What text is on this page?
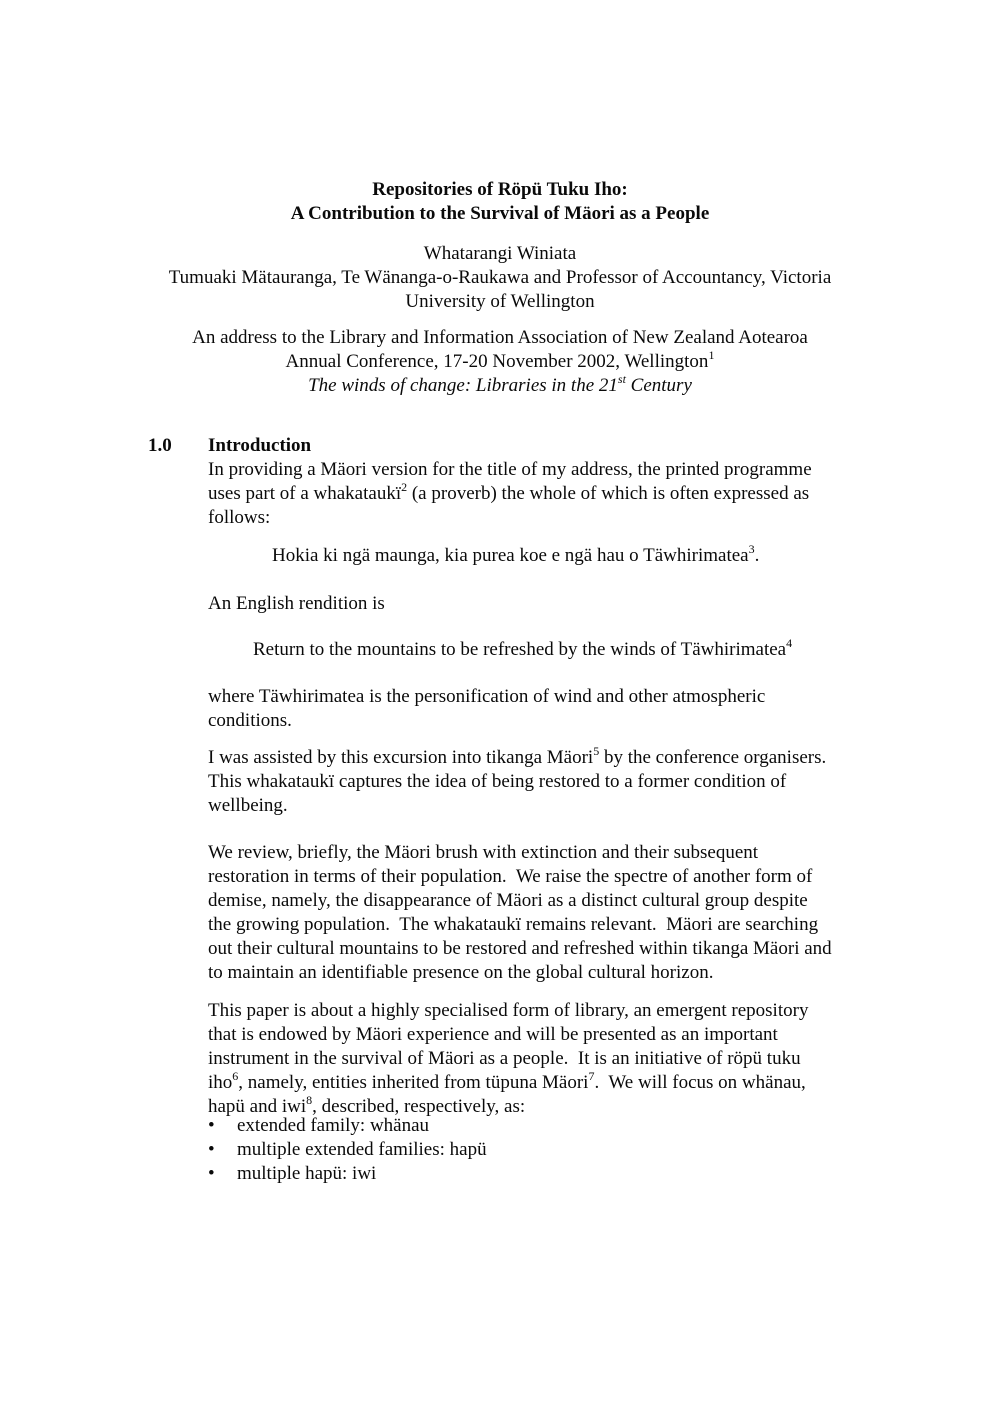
Repositories of Röpü Tuku Iho:
A Contribution to the Survival of Mäori as a People
Whatarangi Winiata
Tumuaki Mätauranga, Te Wänanga-o-Raukawa and Professor of Accountancy, Victoria
University of Wellington
An address to the Library and Information Association of New Zealand Aotearoa
Annual Conference, 17-20 November 2002, Wellington$^1$
The winds of change: Libraries in the 21st Century
1.0 Introduction
In providing a Mäori version for the title of my address, the printed programme
uses part of a whakataukï$^2$ (a proverb) the whole of which is often expressed as
follows:
Hokia ki ngä maunga, kia purea koe e ngä hau o Täwhirimatea$^3$.
An English rendition is
Return to the mountains to be refreshed by the winds of Täwhirimatea$^4$
where Täwhirimatea is the personification of wind and other atmospheric
conditions.
I was assisted by this excursion into tikanga Mäori$^5$ by the conference organisers.
This whakataukï captures the idea of being restored to a former condition of
wellbeing.
We review, briefly, the Mäori brush with extinction and their subsequent
restoration in terms of their population.  We raise the spectre of another form of
demise, namely, the disappearance of Mäori as a distinct cultural group despite
the growing population.  The whakataukï remains relevant.  Mäori are searching
out their cultural mountains to be restored and refreshed within tikanga Mäori and
to maintain an identifiable presence on the global cultural horizon.
This paper is about a highly specialised form of library, an emergent repository
that is endowed by Mäori experience and will be presented as an important
instrument in the survival of Mäori as a people.  It is an initiative of röpü tuku
iho$^6$, namely, entities inherited from tüpuna Mäori$^7$.  We will focus on whänau,
hapü and iwi$^8$, described, respectively, as:
•	extended family: whänau
•	multiple extended families: hapü
•	multiple hapü: iwi
